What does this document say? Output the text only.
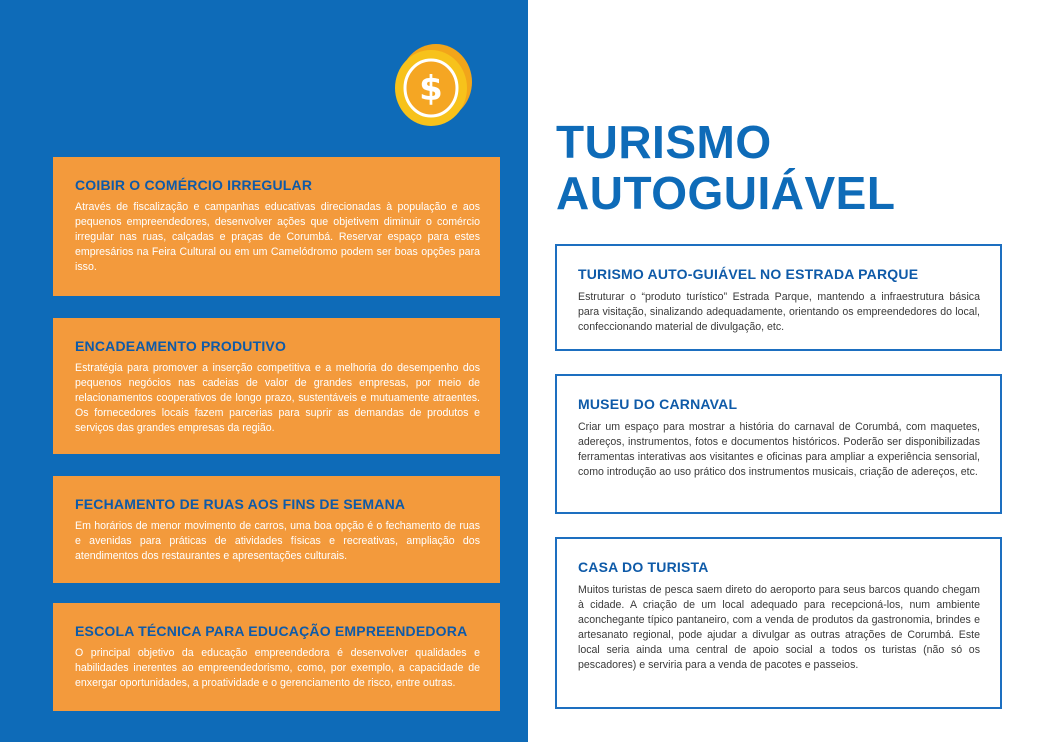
$
COIBIR O COMÉRCIO IRREGULAR

Através de fiscalização e campanhas educativas direcionadas à população e aos pequenos empreendedores, desenvolver ações que objetivem diminuir o comércio irregular nas ruas, calçadas e praças de Corumbá. Reservar espaço para estes empresários na Feira Cultural ou em um Camelódromo podem ser boas opções para isso.

ENCADEAMENTO PRODUTIVO

Estratégia para promover a inserção competitiva e a melhoria do desempenho dos pequenos negócios nas cadeias de valor de grandes empresas, por meio de relacionamentos cooperativos de longo prazo, sustentáveis e mutuamente atraentes. Os fornecedores locais fazem parcerias para suprir as demandas de produtos e serviços das grandes empresas da região.

FECHAMENTO DE RUAS AOS FINS DE SEMANA

Em horários de menor movimento de carros, uma boa opção é o fechamento de ruas e avenidas para práticas de atividades físicas e recreativas, ampliação dos atendimentos dos restaurantes e apresentações culturais.

ESCOLA TÉCNICA PARA EDUCAÇÃO EMPREENDEDORA

O principal objetivo da educação empreendedora é desenvolver qualidades e habilidades inerentes ao empreendedorismo, como, por exemplo, a capacidade de enxergar oportunidades, a proatividade e o gerenciamento de risco, entre outras.

TURISMO
AUTOGUIÁVEL
TURISMO AUTO-GUIÁVEL NO ESTRADA PARQUE

Estruturar o “produto turístico” Estrada Parque, mantendo a infraestrutura básica para visitação, sinalizando adequadamente, orientando os empreendedores do local, confeccionando material de divulgação, etc.

MUSEU DO CARNAVAL

Criar um espaço para mostrar a história do carnaval de Corumbá, com maquetes, adereços, instrumentos, fotos e documentos históricos. Poderão ser disponibilizadas ferramentas interativas aos visitantes e oficinas para ampliar a experiência sensorial, como introdução ao uso prático dos instrumentos musicais, criação de adereços, etc.

CASA DO TURISTA

Muitos turistas de pesca saem direto do aeroporto para seus barcos quando chegam à cidade. A criação de um local adequado para recepcioná-los, num ambiente aconchegante típico pantaneiro, com a venda de produtos da gastronomia, brindes e artesanato regional, pode ajudar a divulgar as outras atrações de Corumbá. Este local seria ainda uma central de apoio social a todos os turistas (não só os pescadores) e serviria para a venda de pacotes e passeios.
